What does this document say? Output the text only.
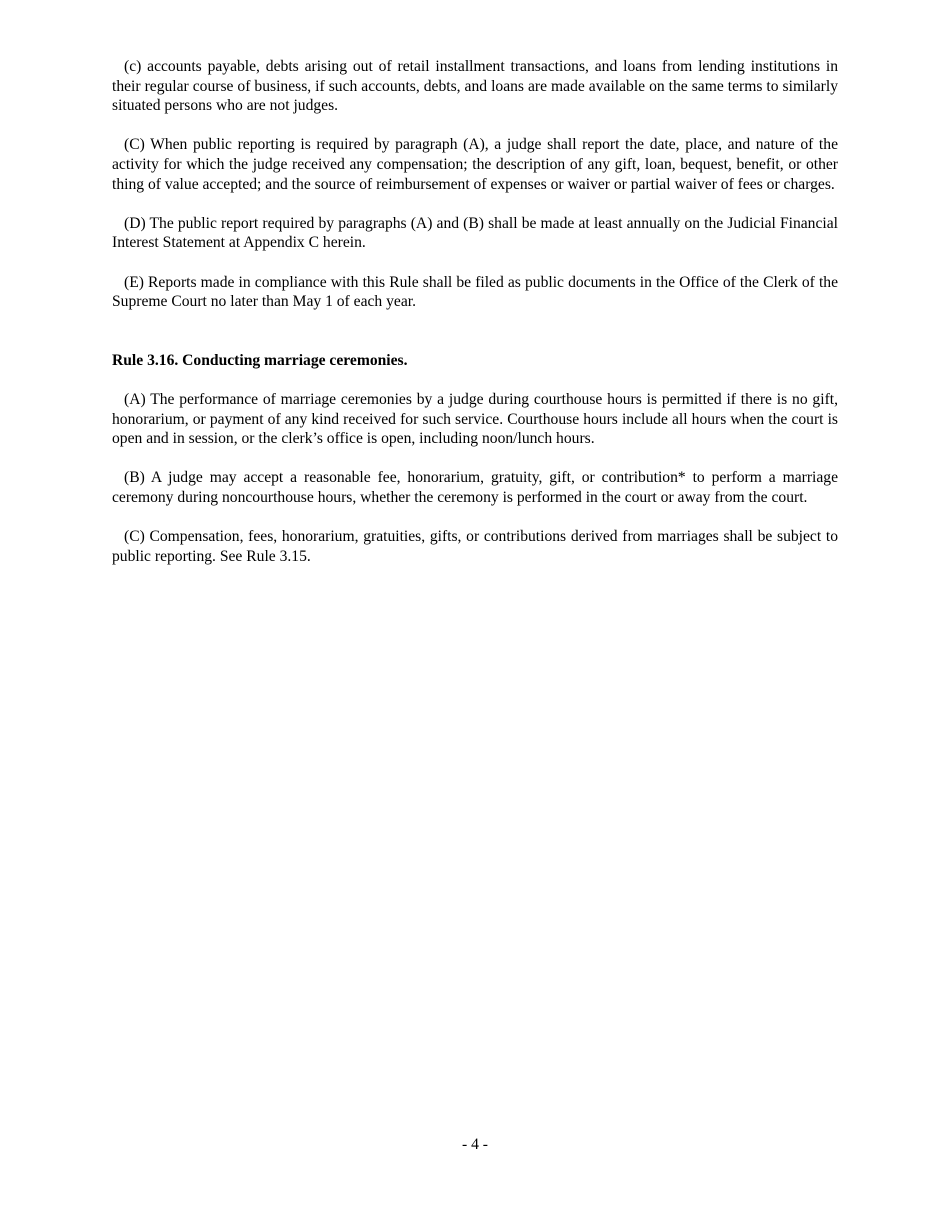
(c) accounts payable, debts arising out of retail installment transactions, and loans from lending institutions in their regular course of business, if such accounts, debts, and loans are made available on the same terms to similarly situated persons who are not judges.

(C) When public reporting is required by paragraph (A), a judge shall report the date, place, and nature of the activity for which the judge received any compensation; the description of any gift, loan, bequest, benefit, or other thing of value accepted; and the source of reimbursement of expenses or waiver or partial waiver of fees or charges.

(D) The public report required by paragraphs (A) and (B) shall be made at least annually on the Judicial Financial Interest Statement at Appendix C herein.

(E) Reports made in compliance with this Rule shall be filed as public documents in the Office of the Clerk of the Supreme Court no later than May 1 of each year.

Rule 3.16. Conducting marriage ceremonies.

(A) The performance of marriage ceremonies by a judge during courthouse hours is permitted if there is no gift, honorarium, or payment of any kind received for such service. Courthouse hours include all hours when the court is open and in session, or the clerk’s office is open, including noon/lunch hours.

(B) A judge may accept a reasonable fee, honorarium, gratuity, gift, or contribution* to perform a marriage ceremony during noncourthouse hours, whether the ceremony is performed in the court or away from the court.

(C) Compensation, fees, honorarium, gratuities, gifts, or contributions derived from marriages shall be subject to public reporting. See Rule 3.15.

- 4 -
